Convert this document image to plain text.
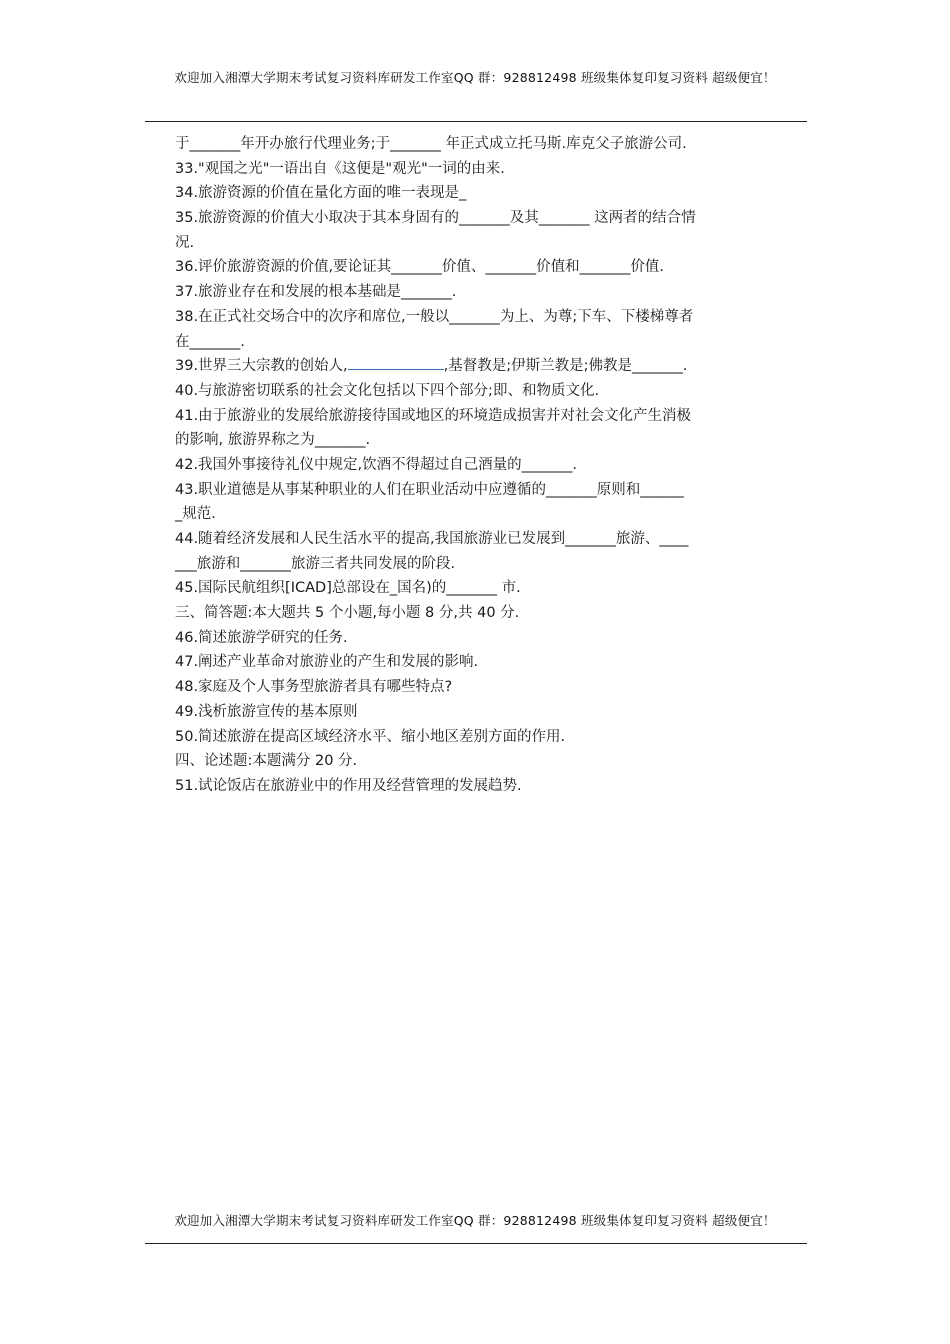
欢迎加入湘潭大学期末考试复习资料库研发工作室QQ 群：928812498 班级集体复印复习资料 超级便宜！
于_______年开办旅行代理业务;于_______ 年正式成立托马斯.库克父子旅游公司.
33."观国之光"一语出自《这便是"观光"一词的由来.
34.旅游资源的价值在量化方面的唯一表现是_
35.旅游资源的价值大小取决于其本身固有的_______及其_______ 这两者的结合情
况.
36.评价旅游资源的价值,要论证其_______价值、_______价值和_______价值.
37.旅游业存在和发展的根本基础是_______.
38.在正式社交场合中的次序和席位,一般以_______为上、为尊;下车、下楼梯尊者
在_______.
39.世界三大宗教的创始人,	,基督教是;伊斯兰教是;佛教是_______.
40.与旅游密切联系的社会文化包括以下四个部分;即、和物质文化.
41.由于旅游业的发展给旅游接待国或地区的环境造成损害并对社会文化产生消极
的影响, 旅游界称之为_______.
42.我国外事接待礼仪中规定,饮酒不得超过自己酒量的_______.
43.职业道德是从事某种职业的人们在职业活动中应遵循的_______原则和______
_规范.
44.随着经济发展和人民生活水平的提高,我国旅游业已发展到_______旅游、____
___旅游和_______旅游三者共同发展的阶段.
45.国际民航组织[ICAD]总部设在_国名)的_______ 市.
三、简答题:本大题共 5 个小题,每小题 8 分,共 40 分.
46.简述旅游学研究的任务.
47.阐述产业革命对旅游业的产生和发展的影响.
48.家庭及个人事务型旅游者具有哪些特点?
49.浅析旅游宣传的基本原则
50.简述旅游在提高区域经济水平、缩小地区差别方面的作用.
四、论述题:本题满分 20 分.
51.试论饭店在旅游业中的作用及经营管理的发展趋势.
欢迎加入湘潭大学期末考试复习资料库研发工作室QQ 群：928812498 班级集体复印复习资料 超级便宜！
